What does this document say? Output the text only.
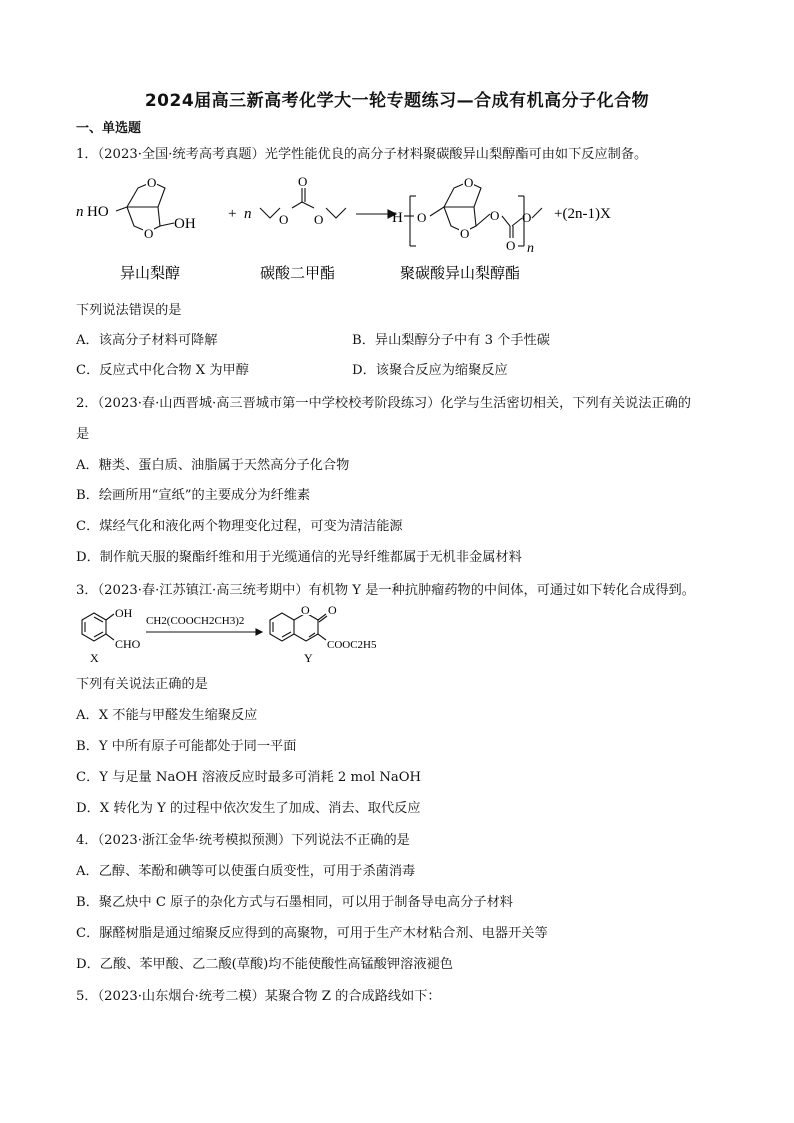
2024届高三新高考化学大一轮专题练习—合成有机高分子化合物
一、单选题
1．（2023·全国·统考高考真题）光学性能优良的高分子材料聚碳酸异山梨醇酯可由如下反应制备。
n HO
O
O
OH
+ n O
O
O	H O
O
O
O
O
O
n
+(2n-1)X
异山梨醇	碳酸二甲酯	聚碳酸异山梨醇酯
下列说法错误的是
A．该高分子材料可降解	B．异山梨醇分子中有 3 个手性碳
C．反应式中化合物 X 为甲醇	D．该聚合反应为缩聚反应
2．（2023·春·山西晋城·高三晋城市第一中学校校考阶段练习）化学与生活密切相关，下列有关说法正确的
是
A．糖类、蛋白质、油脂属于天然高分子化合物
B．绘画所用“宣纸”的主要成分为纤维素
C．煤经气化和液化两个物理变化过程，可变为清洁能源
D．制作航天服的聚酯纤维和用于光缆通信的光导纤维都属于无机非金属材料
3．（2023·春·江苏镇江·高三统考期中）有机物 Y 是一种抗肿瘤药物的中间体，可通过如下转化合成得到。
OH
CHO
X
CH2(COOCH2CH3)2
O O
COOC2H5
Y
下列有关说法正确的是
A．X 不能与甲醛发生缩聚反应
B．Y 中所有原子可能都处于同一平面
C．Y 与足量 NaOH 溶液反应时最多可消耗 2 mol NaOH
D．X 转化为 Y 的过程中依次发生了加成、消去、取代反应
4．（2023·浙江金华·统考模拟预测）下列说法不正确的是
A．乙醇、苯酚和碘等可以使蛋白质变性，可用于杀菌消毒
B．聚乙炔中 C 原子的杂化方式与石墨相同，可以用于制备导电高分子材料
C．脲醛树脂是通过缩聚反应得到的高聚物，可用于生产木材粘合剂、电器开关等
D．乙酸、苯甲酸、乙二酸(草酸)均不能使酸性高锰酸钾溶液褪色
5．（2023·山东烟台·统考二模）某聚合物 Z 的合成路线如下：
